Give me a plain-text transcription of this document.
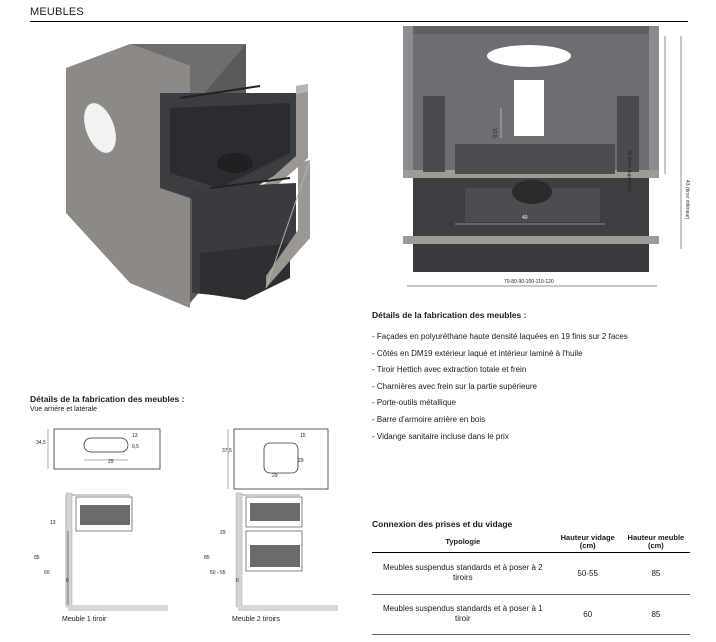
MEUBLES
10,5
40
70-80-90-100-110-120
36 (tiroir supérieur)
43 (tiroir inférieur)
Détails de la fabrication des meubles :
- Façades en polyuréthane haute densité laquées en 19 finis sur 2 faces
- Côtés en DM19 extérieur laqué et intérieur laminé à l'huile
- Tiroir Hettich avec extraction totale et frein
- Charnières avec frein sur la partie supérieure
- Porte-outils métallique
- Barre d'armoire arrière en bois
- Vidange sanitaire incluse dans le prix
Détails de la fabrication des meubles :
Vue arrière et latérale
34,5
29
13
9,5
13
85
60
6
Meuble 1 tiroir
37,5
29
29
15
29
85
50 - 55
6
Meuble 2 tiroirs
Connexion des prises et du vidage
Typologie	Hauteur vidage (cm)	Hauteur meuble (cm)
Meubles suspendus standards et à poser à 2 tiroirs	50-55	85
Meubles suspendus standards et à poser à 1 tiroir	60	85
